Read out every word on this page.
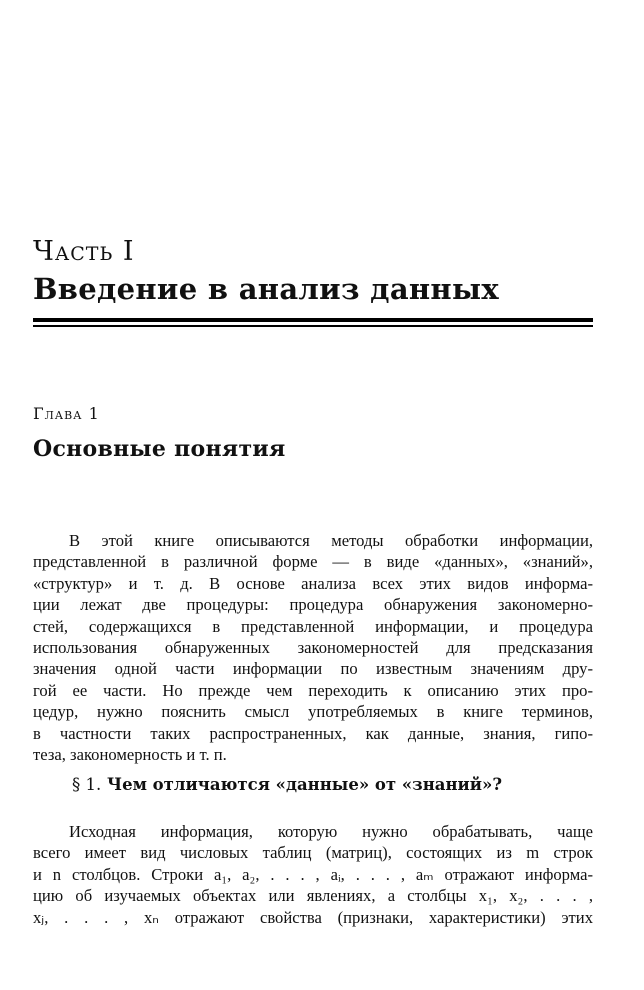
Часть I
Введение в анализ данных
Глава 1
Основные понятия
В этой книге описываются методы обработки информации,
представленной в различной форме — в виде «данных», «знаний»,
«структур» и т. д. В основе анализа всех этих видов информа-
ции лежат две процедуры: процедура обнаружения закономерно-
стей, содержащихся в представленной информации, и процедура
использования обнаруженных закономерностей для предсказания
значения одной части информации по известным значениям дру-
гой ее части. Но прежде чем переходить к описанию этих про-
цедур, нужно пояснить смысл употребляемых в книге терминов,
в частности таких распространенных, как данные, знания, гипо-
теза, закономерность и т. п.
§ 1. Чем отличаются «данные» от «знаний»?
Исходная информация, которую нужно обрабатывать, чаще
всего имеет вид числовых таблиц (матриц), состоящих из m строк
и n столбцов. Строки a₁, a₂, . . . , aᵢ, . . . , aₘ отражают информа-
цию об изучаемых объектах или явлениях, а столбцы x₁, x₂, . . . ,
xⱼ, . . . , xₙ отражают свойства (признаки, характеристики) этих
